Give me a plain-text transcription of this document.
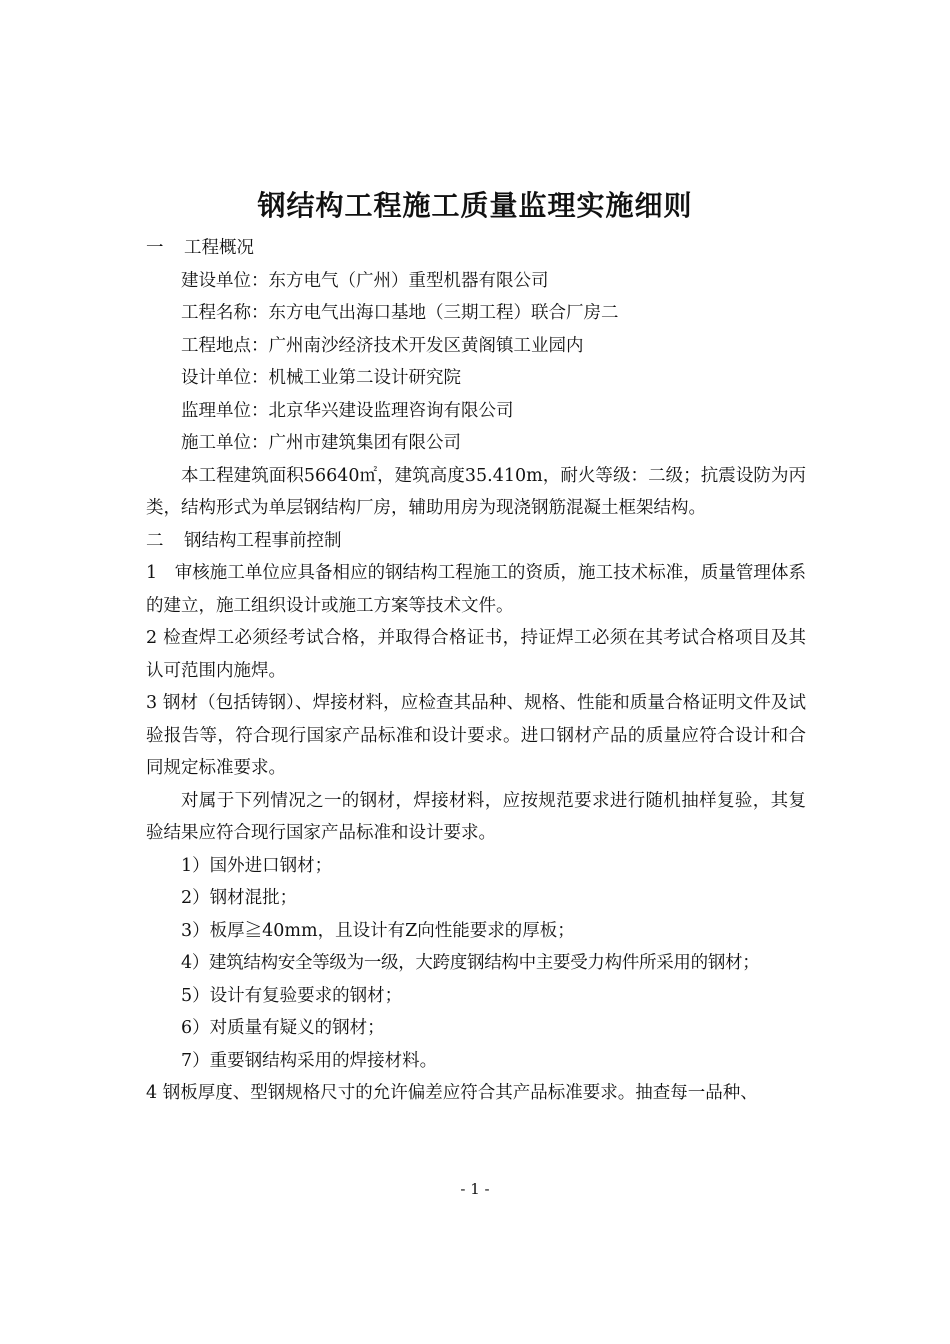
钢结构工程施工质量监理实施细则

一 工程概况

建设单位：东方电气（广州）重型机器有限公司

工程名称：东方电气出海口基地（三期工程）联合厂房二

工程地点：广州南沙经济技术开发区黄阁镇工业园内

设计单位：机械工业第二设计研究院

监理单位：北京华兴建设监理咨询有限公司

施工单位：广州市建筑集团有限公司

本工程建筑面积56640㎡，建筑高度35.410m，耐火等级：二级；抗震设防为丙类，结构形式为单层钢结构厂房，辅助用房为现浇钢筋混凝土框架结构。

二 钢结构工程事前控制

1　审核施工单位应具备相应的钢结构工程施工的资质，施工技术标准，质量管理体系的建立，施工组织设计或施工方案等技术文件。

2 检查焊工必须经考试合格，并取得合格证书，持证焊工必须在其考试合格项目及其认可范围内施焊。

3 钢材（包括铸钢）、焊接材料，应检查其品种、规格、性能和质量合格证明文件及试验报告等，符合现行国家产品标准和设计要求。进口钢材产品的质量应符合设计和合同规定标准要求。

对属于下列情况之一的钢材，焊接材料，应按规范要求进行随机抽样复验，其复验结果应符合现行国家产品标准和设计要求。

1）国外进口钢材；

2）钢材混批；

3）板厚≧40mm，且设计有Z向性能要求的厚板；

4）建筑结构安全等级为一级，大跨度钢结构中主要受力构件所采用的钢材；

5）设计有复验要求的钢材；

6）对质量有疑义的钢材；

7）重要钢结构采用的焊接材料。

4 钢板厚度、型钢规格尺寸的允许偏差应符合其产品标准要求。抽查每一品种、

- 1 -
